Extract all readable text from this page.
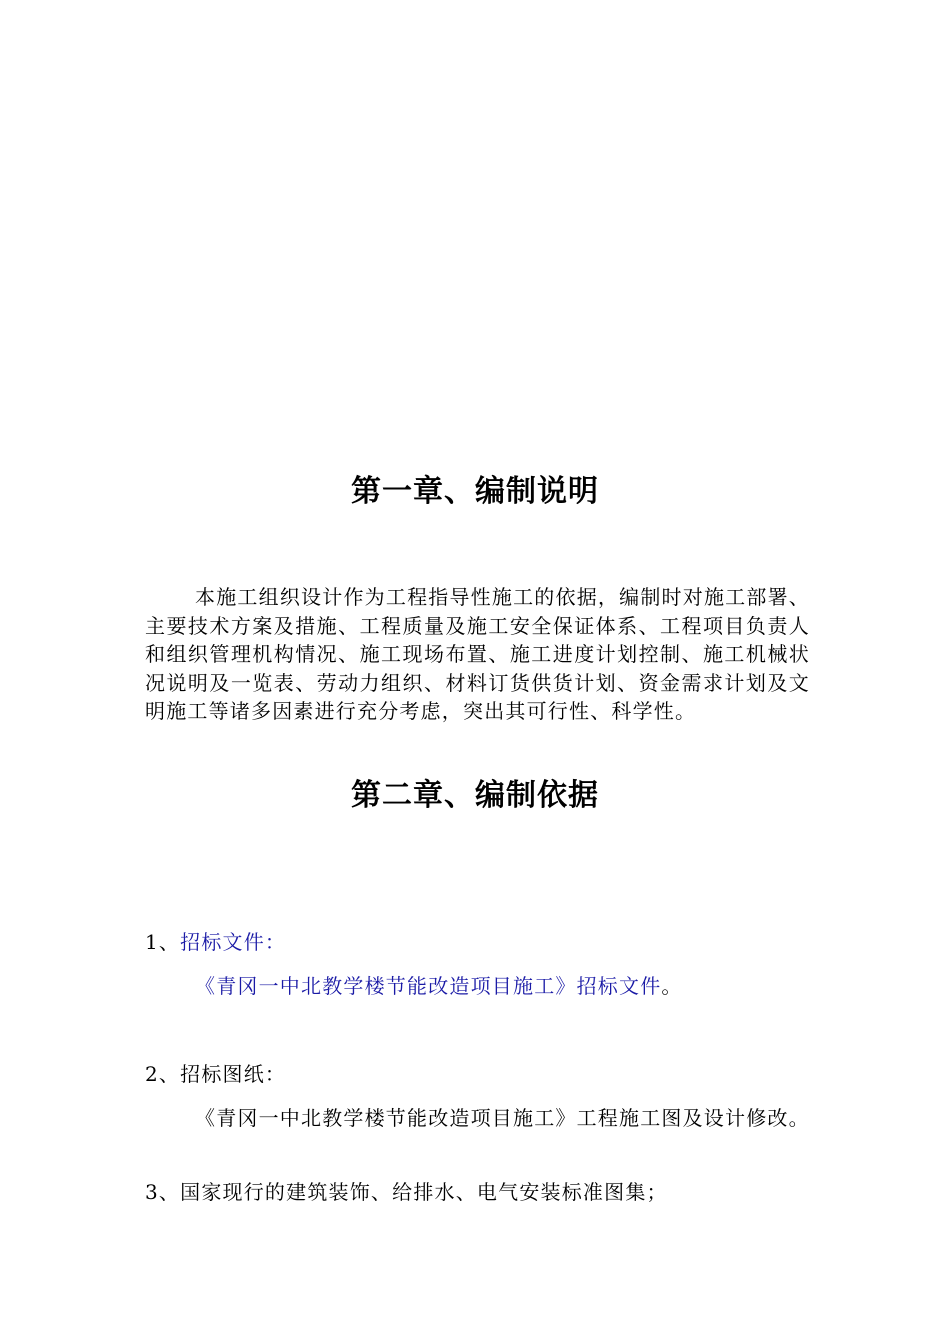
第一章、编制说明

本施工组织设计作为工程指导性施工的依据，编制时对施工部署、主要技术方案及措施、工程质量及施工安全保证体系、工程项目负责人和组织管理机构情况、施工现场布置、施工进度计划控制、施工机械状况说明及一览表、劳动力组织、材料订货供货计划、资金需求计划及文明施工等诸多因素进行充分考虑，突出其可行性、科学性。

第二章、编制依据

1、招标文件：

《青冈一中北教学楼节能改造项目施工》招标文件。

2、招标图纸：

《青冈一中北教学楼节能改造项目施工》工程施工图及设计修改。

3、国家现行的建筑装饰、给排水、电气安装标准图集；
